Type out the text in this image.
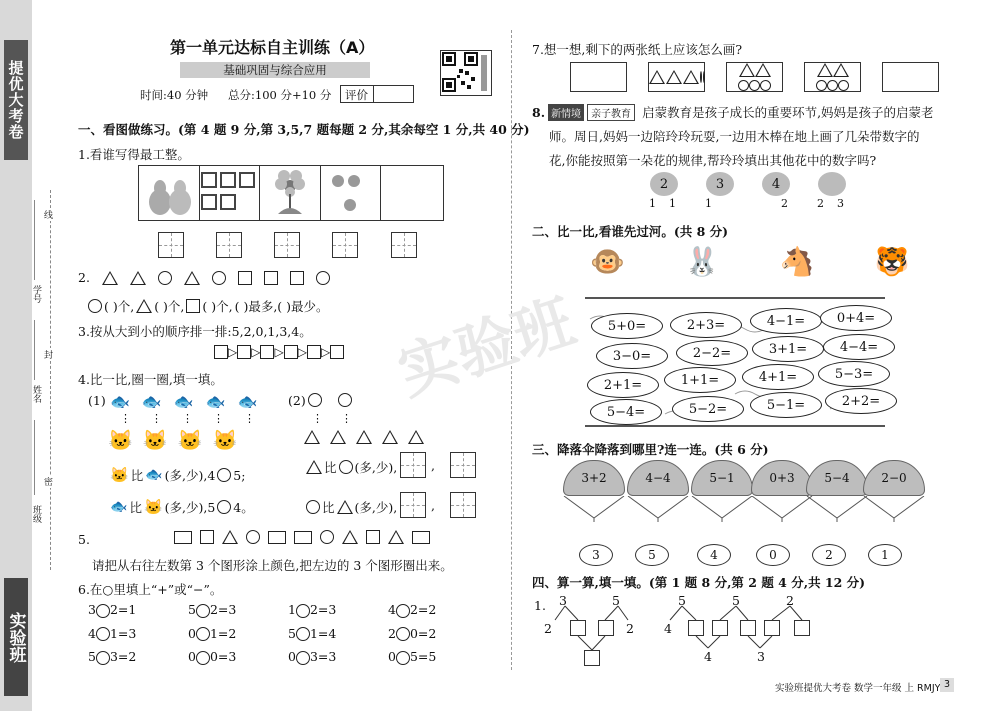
提优大考卷
实验班
线
封
密
学号
姓名
班级
实验班
第一单元达标自主训练（A）
基础巩固与综合应用
时间:40 分钟 总分:100 分+10 分 评价
一、看图做练习。(第 4 题 9 分,第 3,5,7 题每题 2 分,其余每空 1 分,共 40 分)
1.看谁写得最工整。
2.
( )个, ( )个, ( )个, ( )最多,( )最少。
3.按从大到小的顺序排一排:5,2,0,1,3,4。
▷ ▷ ▷ ▷ ▷
4.比一比,圈一圈,填一填。
(1) 🐟 🐟 🐟 🐟 🐟
⋮⋮⋮⋮⋮
🐱 🐱 🐱 🐱
🐱 比 🐟 (多,少),4 5;
🐟 比 🐱 (多,少),5 4。
(2)
⋮⋮
比 (多,少),	,
比 (多,少),	,
5.
请把从右往左数第 3 个图形涂上颜色,把左边的 3 个图形圈出来。
6.在○里填上“+”或“−”。
3 2=1	5 2=3	1 2=3	4 2=2
4 1=3	0 1=2	5 1=4	2 0=2
5 3=2	0 0=3	0 3=3	0 5=5
7.想一想,剩下的两张纸上应该怎么画?
8. 新情境	亲子教育 启蒙教育是孩子成长的重要环节,妈妈是孩子的启蒙老
师。周日,妈妈一边陪玲玲玩耍,一边用木棒在地上画了几朵带数字的
花,你能按照第一朵花的规律,帮玲玲填出其他花中的数字吗?
2
1 1
3
1
4
2	2 3
二、比一比,看谁先过河。(共 8 分)
🐵 🐰 🐴 🐯
5+0=	2+3=	4−1=	0+4=
3−0=	2−2=	3+1=	4−4=
2+1=	1+1=	4+1=	5−3=
5−4=	5−2=	5−1=	2+2=
三、降落伞降落到哪里?连一连。(共 6 分)
3+2	4−4	5−1	0+3	5−4	2−0
3	5	4	0	2	1
四、算一算,填一填。(第 1 题 8 分,第 2 题 4 分,共 12 分)
1. 3	5
2	2
5	5	2
4
4	3
实验班提优大考卷 数学一年级 上 RMJY 3
